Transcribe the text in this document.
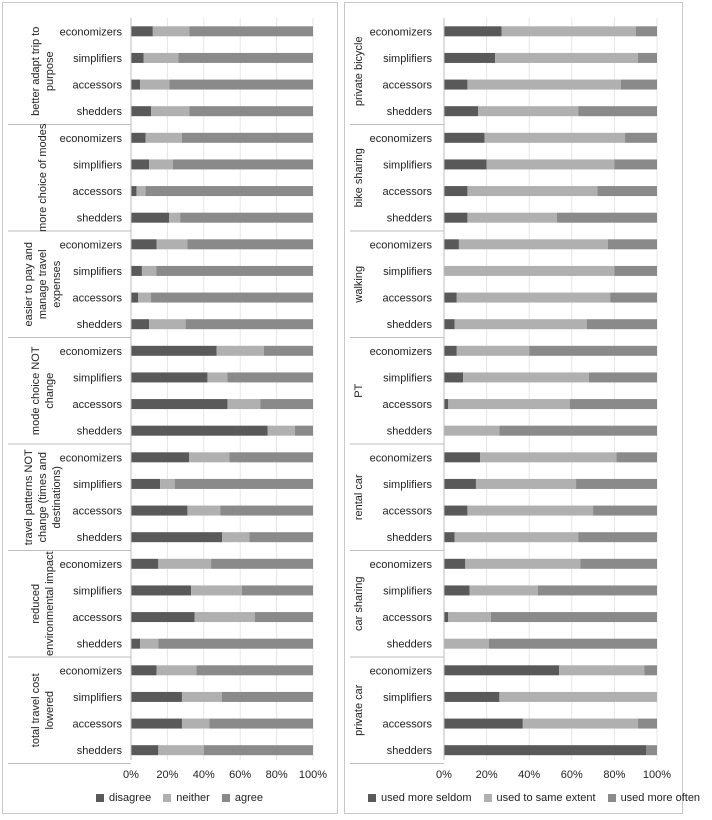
0% 20% 40% 60% 80% 100%
better adapt trip to purpose
economizers
simplifiers
accessors
shedders
more choice of modes economizers
simplifiers
accessors
shedders
easier to pay and manage travel expenses
economizers
simplifiers
accessors
shedders
mode choice NOT change
economizers
simplifiers
accessors
shedders
travel patterns NOT change (times and destinations)
economizers
simplifiers
accessors
shedders
reduced environmental impact economizers
simplifiers
accessors
shedders
total travel cost lowered
economizers
simplifiers
accessors
shedders
0% 20% 40% 60% 80% 100%
private bicycle
economizers
simplifiers
accessors
shedders
bike sharing
economizers
simplifiers
accessors
shedders
walking
economizers
simplifiers
accessors
shedders
PT
economizers
simplifiers
accessors
shedders
rental car
economizers
simplifiers
accessors
shedders
car sharing
economizers
simplifiers
accessors
shedders
private car
economizers
simplifiers
accessors
shedders
disagree neither agree	used more seldom used to same extent used more often
